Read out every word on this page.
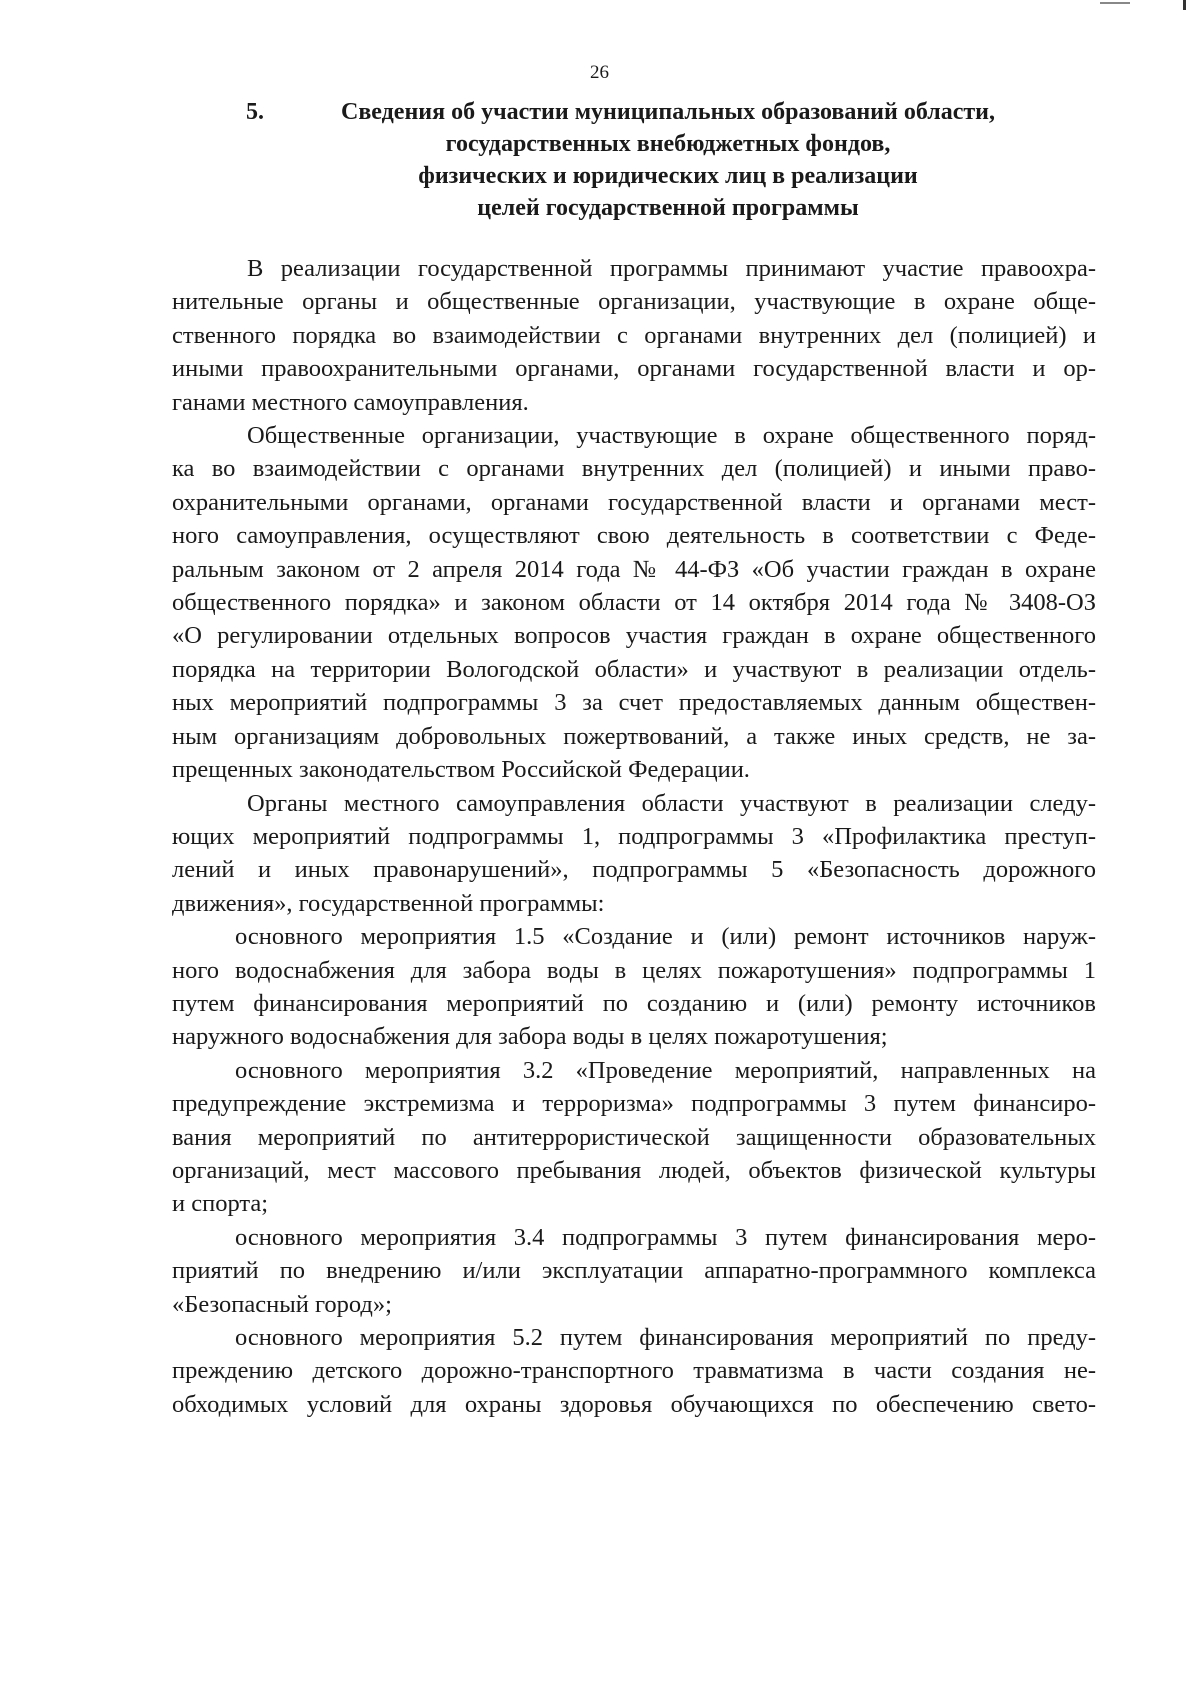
26
5.	Сведения об участии муниципальных образований области,
государственных внебюджетных фондов,
физических и юридических лиц в реализации
целей государственной программы

В реализации государственной программы принимают участие правоохра-
нительные органы и общественные организации, участвующие в охране обще-
ственного порядка во взаимодействии с органами внутренних дел (полицией) и
иными правоохранительными органами, органами государственной власти и ор-
ганами местного самоуправления.

Общественные организации, участвующие в охране общественного поряд-
ка во взаимодействии с органами внутренних дел (полицией) и иными право-
охранительными органами, органами государственной власти и органами мест-
ного самоуправления, осуществляют свою деятельность в соответствии с Феде-
ральным законом от 2 апреля 2014 года № 44-ФЗ «Об участии граждан в охране
общественного порядка» и законом области от 14 октября 2014 года № 3408-ОЗ
«О регулировании отдельных вопросов участия граждан в охране общественного
порядка на территории Вологодской области» и участвуют в реализации отдель-
ных мероприятий подпрограммы 3 за счет предоставляемых данным обществен-
ным организациям добровольных пожертвований, а также иных средств, не за-
прещенных законодательством Российской Федерации.

Органы местного самоуправления области участвуют в реализации следу-
ющих мероприятий подпрограммы 1, подпрограммы 3 «Профилактика преступ-
лений и иных правонарушений», подпрограммы 5 «Безопасность дорожного
движения», государственной программы:

основного мероприятия 1.5 «Создание и (или) ремонт источников наруж-
ного водоснабжения для забора воды в целях пожаротушения» подпрограммы 1
путем финансирования мероприятий по созданию и (или) ремонту источников
наружного водоснабжения для забора воды в целях пожаротушения;

основного мероприятия 3.2 «Проведение мероприятий, направленных на
предупреждение экстремизма и терроризма» подпрограммы 3 путем финансиро-
вания мероприятий по антитеррористической защищенности образовательных
организаций, мест массового пребывания людей, объектов физической культуры
и спорта;

основного мероприятия 3.4 подпрограммы 3 путем финансирования меро-
приятий по внедрению и/или эксплуатации аппаратно-программного комплекса
«Безопасный город»;

основного мероприятия 5.2 путем финансирования мероприятий по преду-
преждению детского дорожно-транспортного травматизма в части создания не-
обходимых условий для охраны здоровья обучающихся по обеспечению свето-
